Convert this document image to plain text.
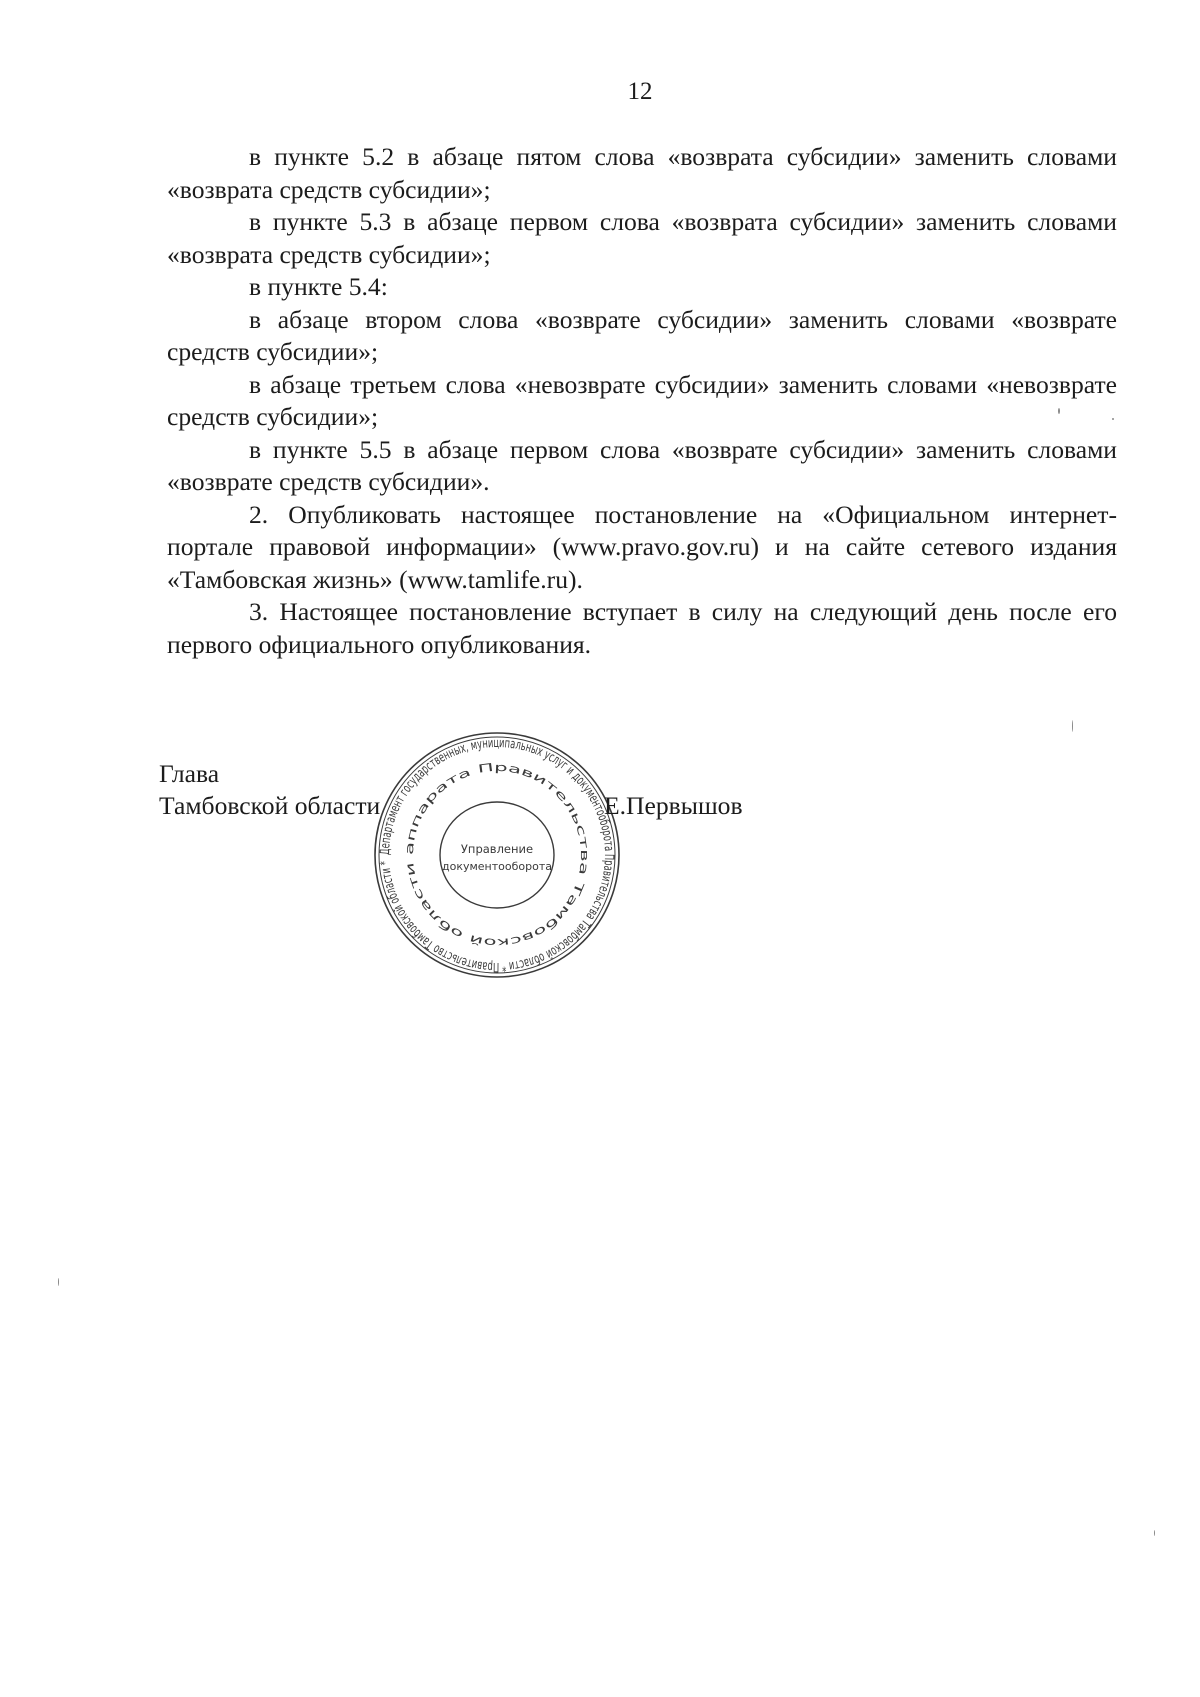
12

в пункте 5.2 в абзаце пятом слова «возврата субсидии» заменить словами «возврата средств субсидии»;

в пункте 5.3 в абзаце первом слова «возврата субсидии» заменить словами «возврата средств субсидии»;

в пункте 5.4:

в абзаце втором слова «возврате субсидии» заменить словами «возврате средств субсидии»;

в абзаце третьем слова «невозврате субсидии» заменить словами «невозврате средств субсидии»;

в пункте 5.5 в абзаце первом слова «возврате субсидии» заменить словами «возврате средств субсидии».

2. Опубликовать настоящее постановление на «Официальном интернет-портале правовой информации» (www.pravo.gov.ru) и на сайте сетевого издания «Тамбовская жизнь» (www.tamlife.ru).

3. Настоящее постановление вступает в силу на следующий день после его первого официального опубликования.

Глава
Тамбовской области
Департамент государственных, муниципальных услуг и документооборота Правительства Тамбовской области * Правительство Тамбовской области *
аппарата Правительства Тамбовской области
Управление
документооборота
Е.Первышов
